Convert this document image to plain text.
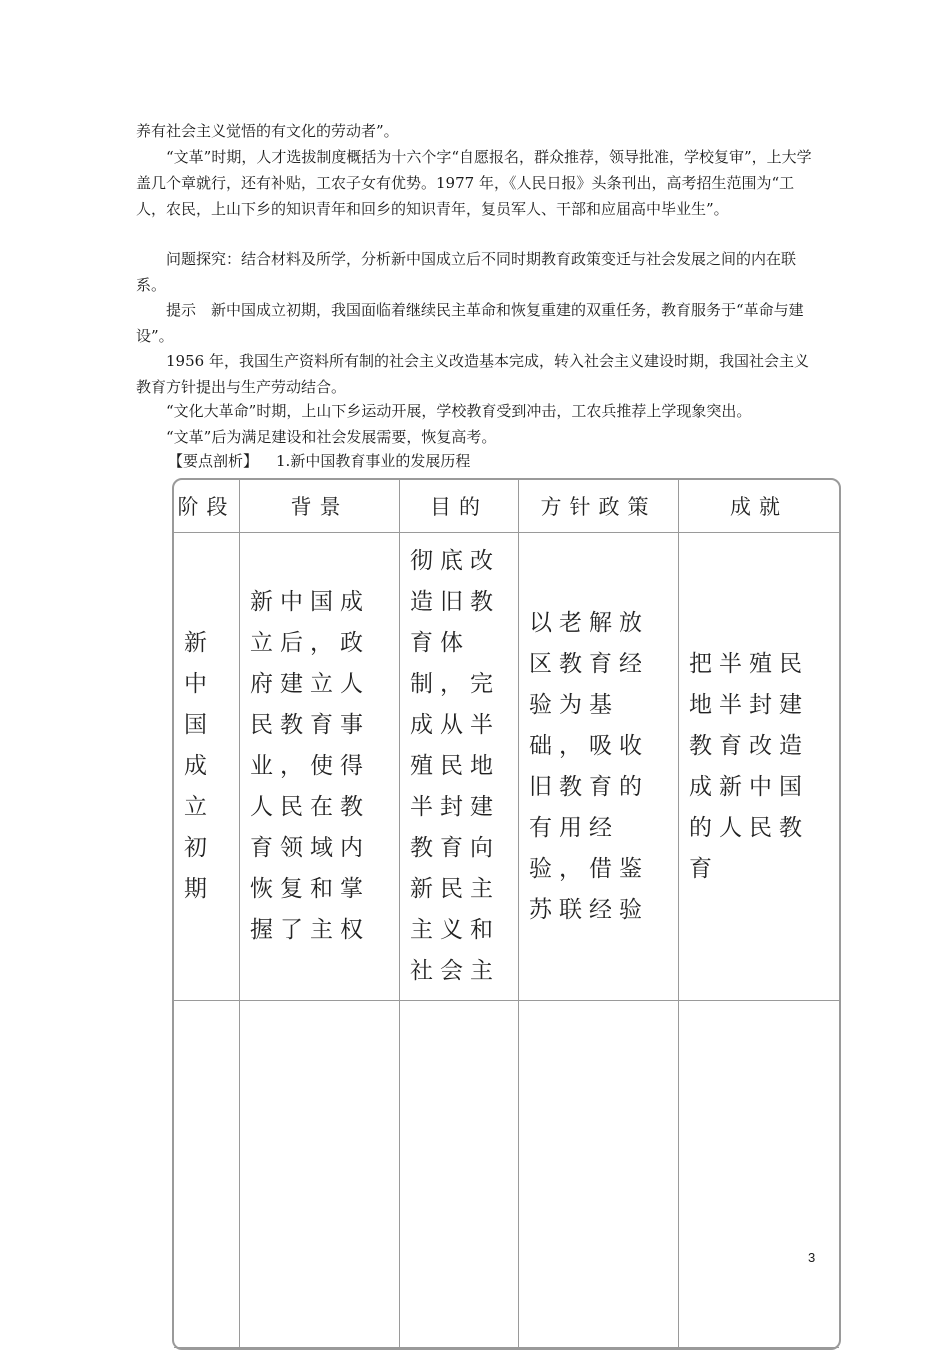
养有社会主义觉悟的有文化的劳动者”。

“文革”时期，人才选拔制度概括为十六个字“自愿报名，群众推荐，领导批准，学校复审”，上大学盖几个章就行，还有补贴，工农子女有优势。1977 年，《人民日报》头条刊出，高考招生范围为“工人，农民，上山下乡的知识青年和回乡的知识青年，复员军人、干部和应届高中毕业生”。

问题探究：结合材料及所学，分析新中国成立后不同时期教育政策变迁与社会发展之间的内在联系。

提示　新中国成立初期，我国面临着继续民主革命和恢复重建的双重任务，教育服务于“革命与建设”。

1956 年，我国生产资料所有制的社会主义改造基本完成，转入社会主义建设时期，我国社会主义教育方针提出与生产劳动结合。

“文化大革命”时期，上山下乡运动开展，学校教育受到冲击，工农兵推荐上学现象突出。

“文革”后为满足建设和社会发展需要，恢复高考。

【要点剖析】 1.新中国教育事业的发展历程
阶段	背景	目的	方针政策	成就
新中国成立初期	新中国成立后，政府建立人民教育事业，使得人民在教育领域内恢复和掌握了主权	彻底改造旧教育体制，完成从半殖民地半封建教育向新民主主义和社会主	以老解放区教育经验为基础，吸收旧教育的有用经验，借鉴苏联经验	把半殖民地半封建教育改造成新中国的人民教育

3
